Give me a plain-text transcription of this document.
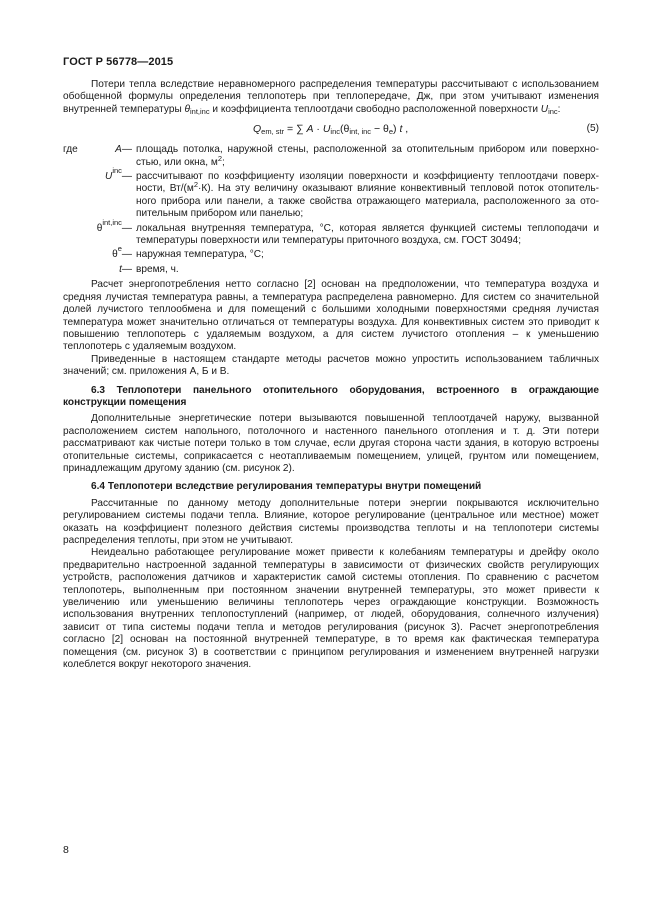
ГОСТ Р 56778—2015

Потери тепла вследствие неравномерного распределения температуры рассчитывают с использованием обобщенной формулы определения теплопотерь при теплопередаче, Дж, при этом учитывают изменения внутренней температуры $\theta_{int,inc}$ и коэффициента теплоотдачи свободно расположенной поверхности $U_{inc}$:

$Q_{em, str}$ = ∑ $A \cdot U_{inc}(\theta_{int, inc} - \theta_e)$ t ,	(5)
где	A — площадь потолка, наружной стены, расположенной за отопительным прибором или поверхностью, или окна, $м^2$;
U
inc
— рассчитывают по коэффициенту изоляции поверхности и коэффициенту теплоотдачи поверхности, $Вт/(м^2\cdot К)$. На эту величину оказывают влияние конвективный тепловой поток отопительного прибора или панели, а также свойства отражающего материала, расположенного за отопительным прибором или панелью;
θ
int,inc
— локальная внутренняя температура, °С, которая является функцией системы теплоподачи и температуры поверхности или температуры приточного воздуха, см. ГОСТ 30494;
θ
e
— наружная температура, °С;
t — время, ч.

Расчет энергопотребления нетто согласно [2] основан на предположении, что температура воздуха и средняя лучистая температура равны, а температура распределена равномерно. Для систем со значительной долей лучистого теплообмена и для помещений с большими холодными поверхностями средняя лучистая температура может значительно отличаться от температуры воздуха. Для конвективных систем это приводит к повышению теплопотерь с удаляемым воздухом, а для систем лучистого отопления – к уменьшению теплопотерь с удаляемым воздухом.

Приведенные в настоящем стандарте методы расчетов можно упростить использованием табличных значений; см. приложения А, Б и В.

6.3 Теплопотери панельного отопительного оборудования, встроенного в ограждающие конструкции помещения

Дополнительные энергетические потери вызываются повышенной теплоотдачей наружу, вызванной расположением систем напольного, потолочного и настенного панельного отопления и т. д. Эти потери рассматривают как чистые потери только в том случае, если другая сторона части здания, в которую встроены отопительные системы, соприкасается с неотапливаемым помещением, улицей, грунтом или помещением, принадлежащим другому зданию (см. рисунок 2).

6.4 Теплопотери вследствие регулирования температуры внутри помещений

Рассчитанные по данному методу дополнительные потери энергии покрываются исключительно регулированием системы подачи тепла. Влияние, которое регулирование (центральное или местное) может оказать на коэффициент полезного действия системы производства теплоты и на теплопотери системы распределения теплоты, при этом не учитывают.

Неидеально работающее регулирование может привести к колебаниям температуры и дрейфу около предварительно настроенной заданной температуры в зависимости от физических свойств регулирующих устройств, расположения датчиков и характеристик самой системы отопления. По сравнению с расчетом теплопотерь, выполненным при постоянном значении внутренней температуры, это может привести к увеличению или уменьшению величины теплопотерь через ограждающие конструкции. Возможность использования внутренних теплопоступлений (например, от людей, оборудования, солнечного излучения) зависит от типа системы подачи тепла и методов регулирования (рисунок 3). Расчет энергопотребления согласно [2] основан на постоянной внутренней температуре, в то время как фактическая температура помещения (см. рисунок 3) в соответствии с принципом регулирования и изменением внутренней нагрузки колеблется вокруг некоторого значения.

8
